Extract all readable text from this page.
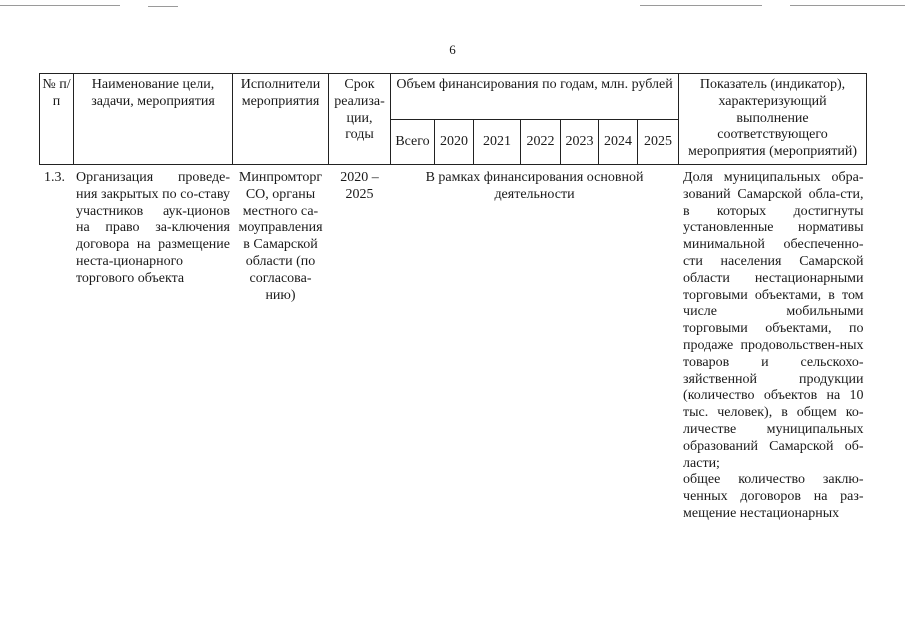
6
№ п/п	Наименование цели, задачи, мероприятия	Исполнители мероприятия	Срок реализа-ции, годы	Объем финансирования по годам, млн. рублей							Показатель (индикатор), характеризующий выполнение соответствующего мероприятия (мероприятий)
				Всего	2020	2021	2022	2023	2024	2025	
1.3.	Организация проведе-ния закрытых по со-ставу участников аук-ционов на право за-ключения договора на размещение неста-ционарного торгового объекта	Минпромторг СО, органы местного са-моуправления в Самарской области (по согласова-нию)	2020 – 2025	В рамках финансирования основной деятельности							Доля муниципальных обра-зований Самарской обла-сти, в которых достигнуты установленные нормативы минимальной обеспеченно-сти населения Самарской области нестационарными торговыми объектами, в том числе мобильными торговыми объектами, по продаже продовольствен-ных товаров и сельскохо-зяйственной продукции (количество объектов на 10 тыс. человек), в общем ко-личестве муниципальных образований Самарской об-ласти;

общее количество заклю-ченных договоров на раз-мещение нестационарных
